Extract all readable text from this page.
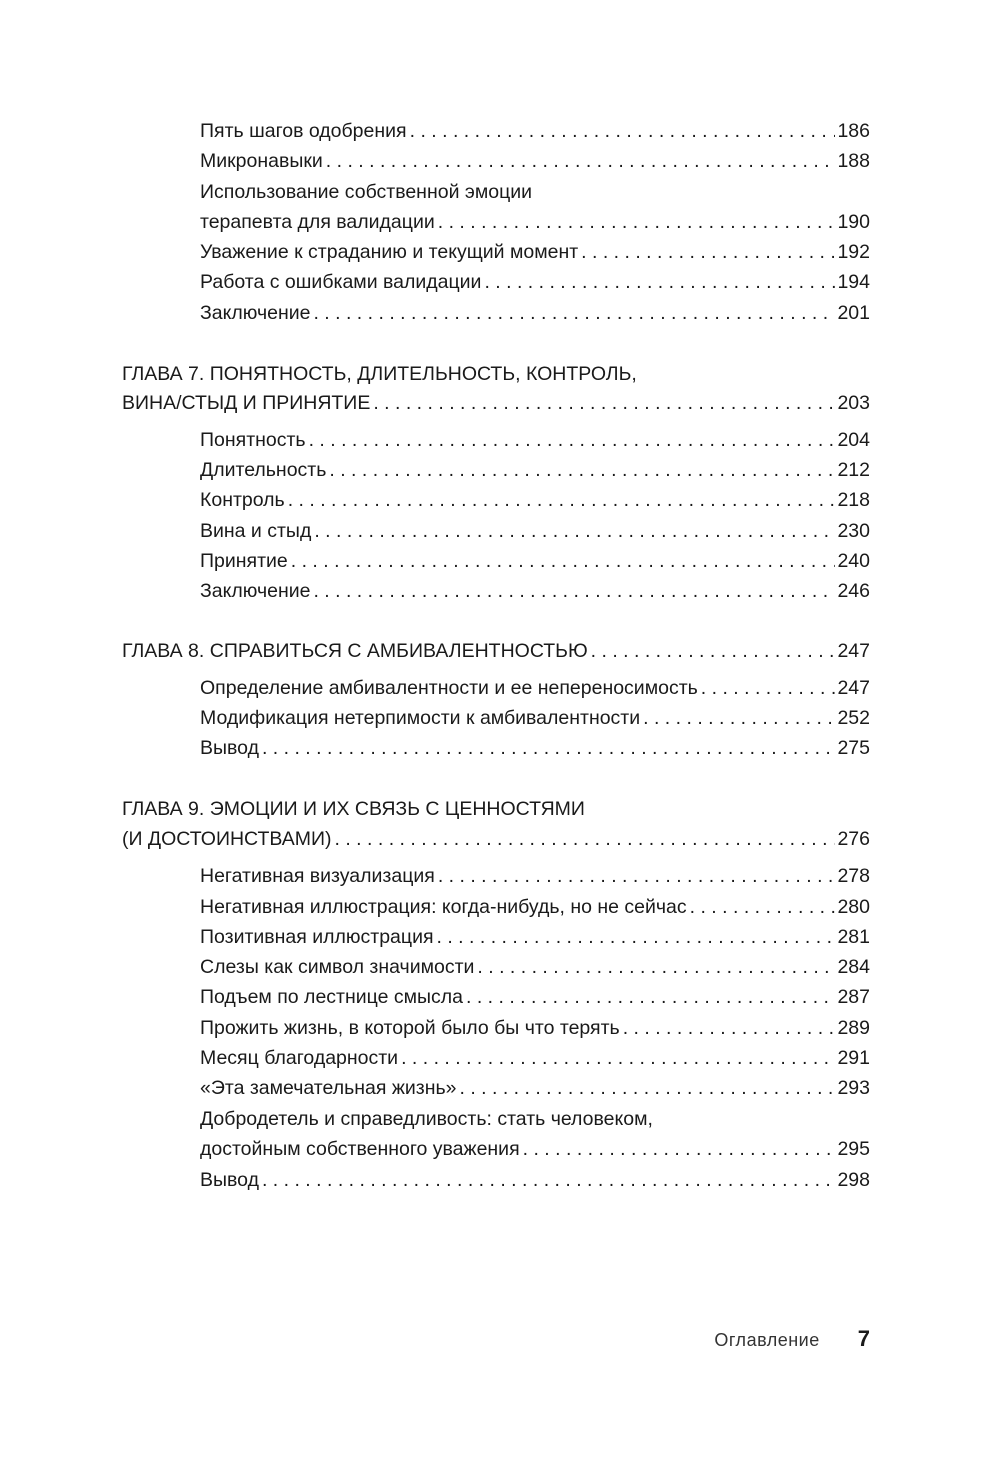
Пять шагов одобрения . . .	186
Микронавыки . . .	188
Использование собственной эмоции
терапевта для валидации . . .	190
Уважение к страданию и текущий момент . . .	192
Работа с ошибками валидации . . .	194
Заключение . . .	201
ГЛАВА 7. ПОНЯТНОСТЬ, ДЛИТЕЛЬНОСТЬ, КОНТРОЛЬ,
ВИНА/СТЫД И ПРИНЯТИЕ . . .	203
Понятность . . .	204
Длительность . . .	212
Контроль . . .	218
Вина и стыд . . .	230
Принятие . . .	240
Заключение . . .	246
ГЛАВА 8. СПРАВИТЬСЯ С АМБИВАЛЕНТНОСТЬЮ . . .	247
Определение амбивалентности и ее непереносимость . . .	247
Модификация нетерпимости к амбивалентности . . .	252
Вывод . . .	275
ГЛАВА 9. ЭМОЦИИ И ИХ СВЯЗЬ С ЦЕННОСТЯМИ
(И ДОСТОИНСТВАМИ) . . .	276
Негативная визуализация . . .	278
Негативная иллюстрация: когда-нибудь, но не сейчас . . .	280
Позитивная иллюстрация . . .	281
Слезы как символ значимости . . .	284
Подъем по лестнице смысла . . .	287
Прожить жизнь, в которой было бы что терять . . .	289
Месяц благодарности . . .	291
«Эта замечательная жизнь» . . .	293
Добродетель и справедливость: стать человеком,
достойным собственного уважения . . .	295
Вывод . . .	298
Оглавление 7
